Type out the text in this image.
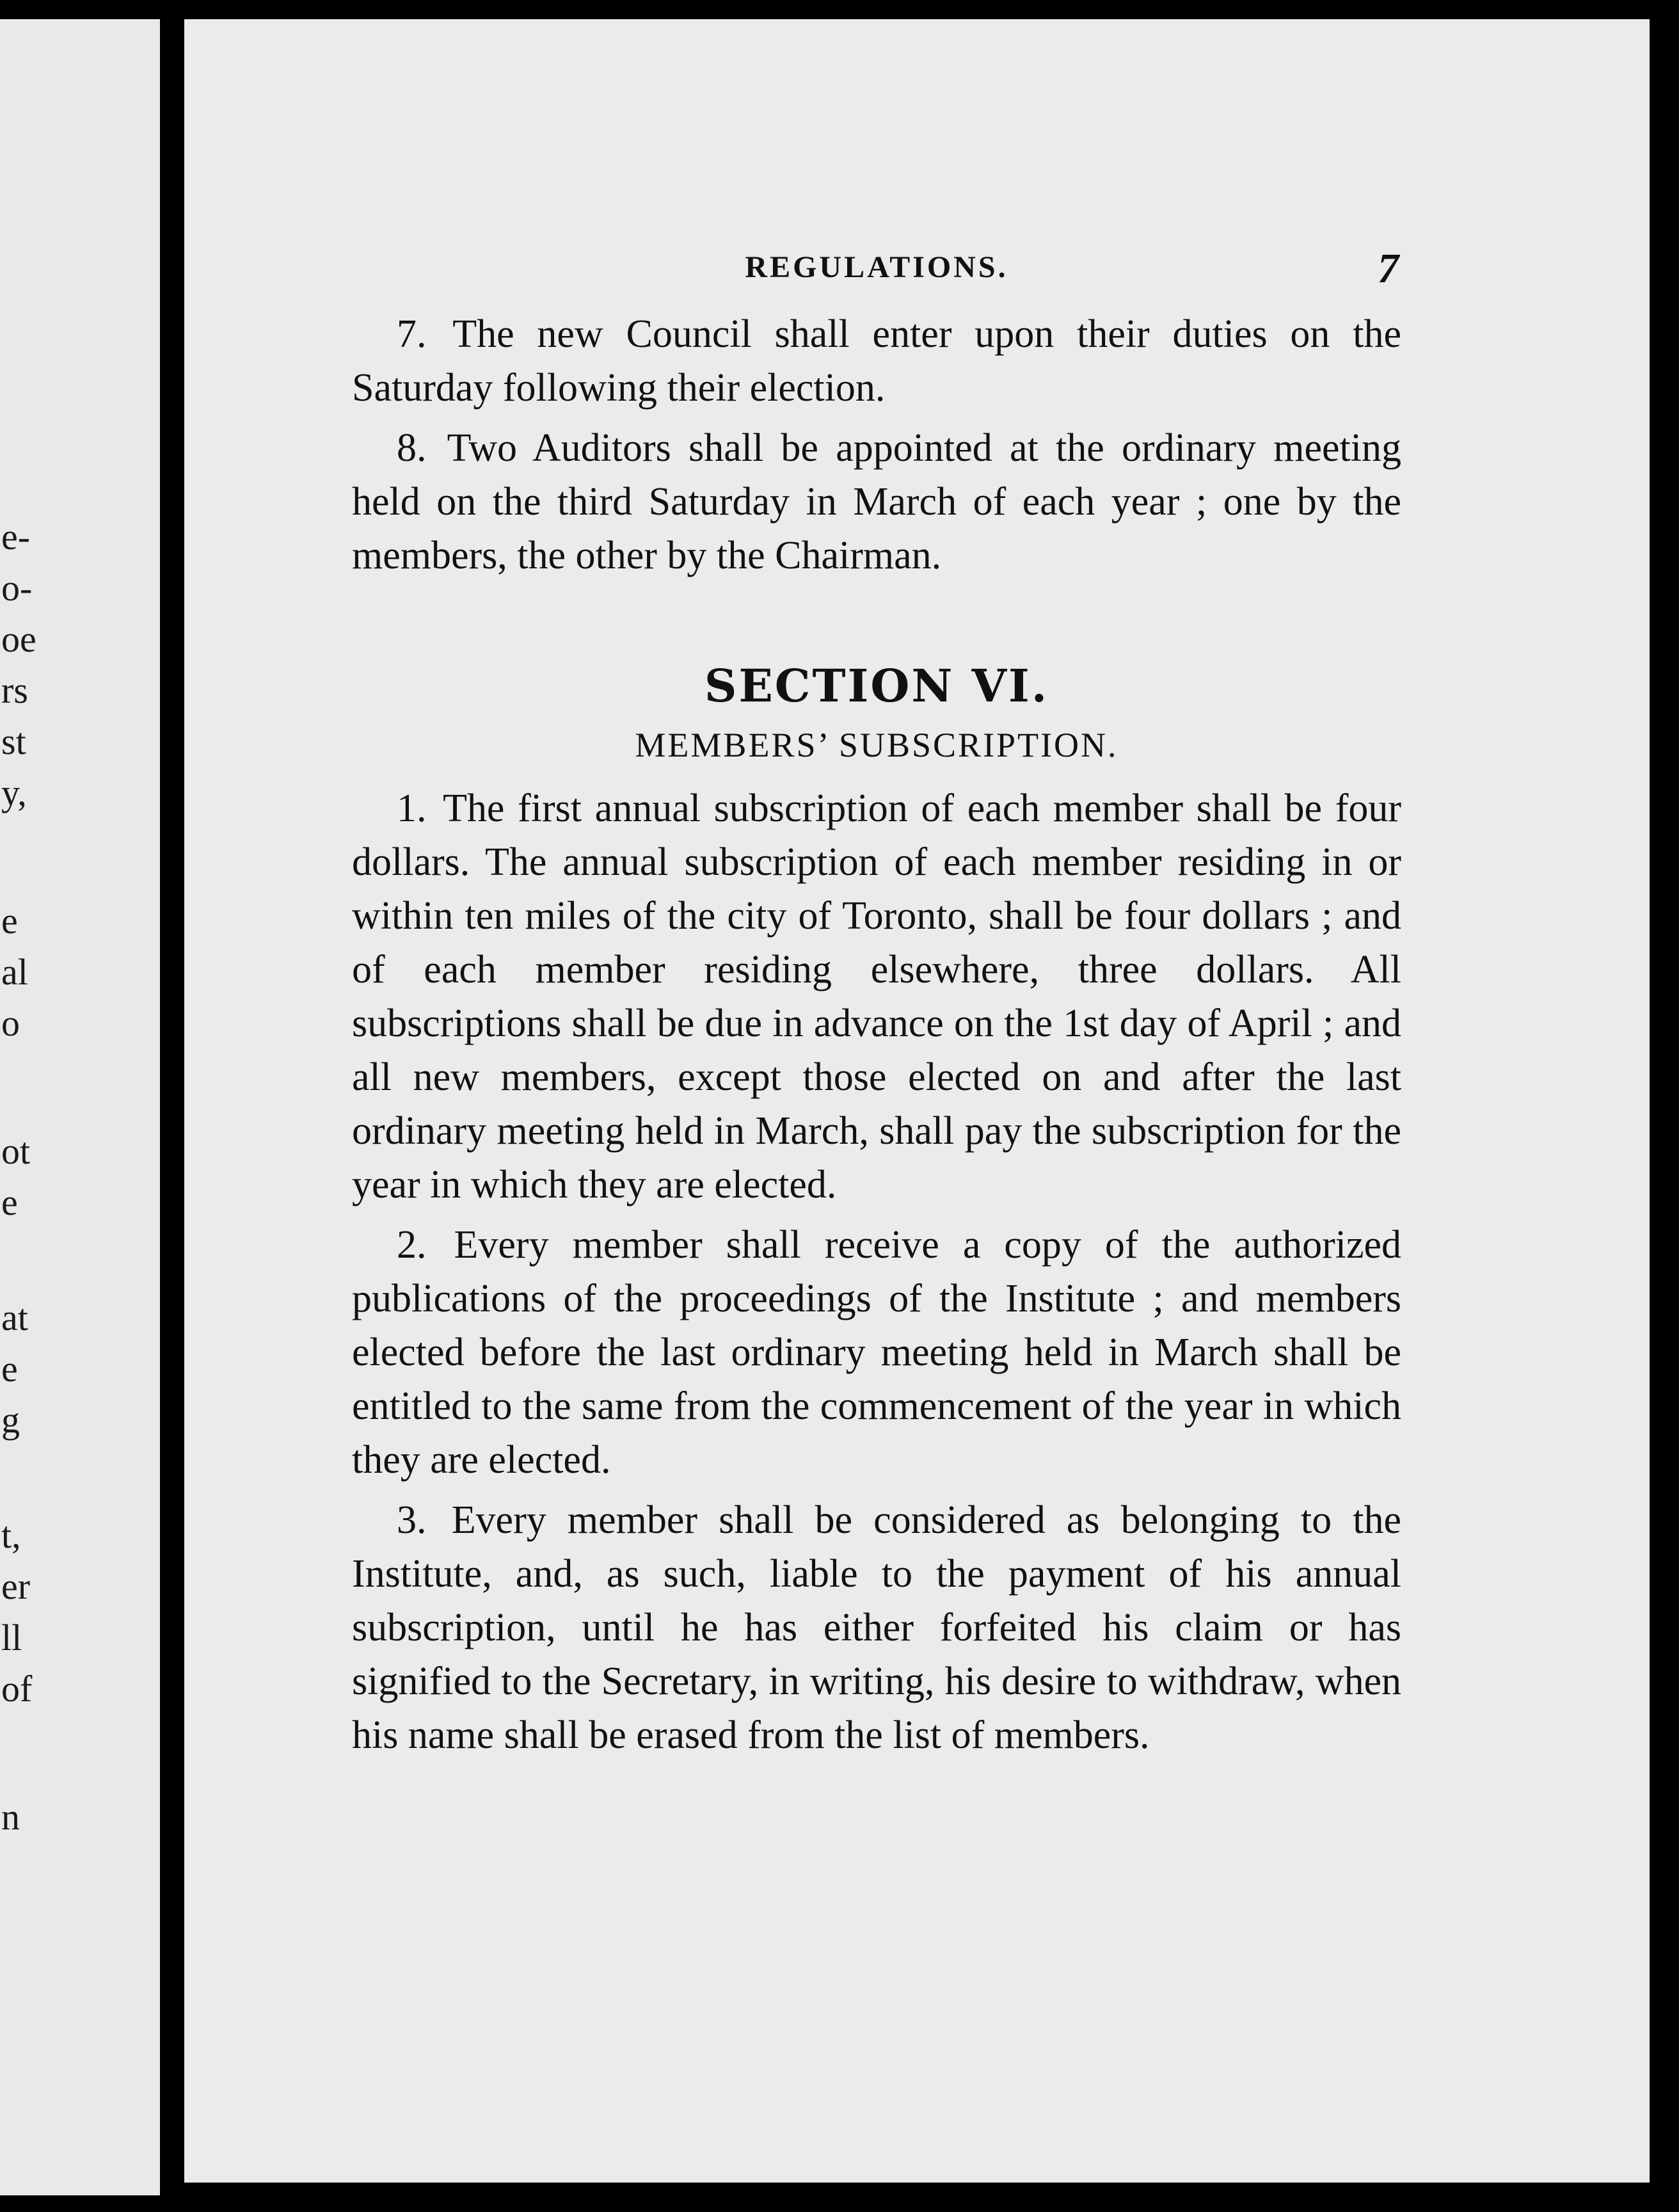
e-
o-
oe
rs
st
y,
e
al
o
ot
e
at
e
g
t,
er
ll
of
n
REGULATIONS.	7

7. The new Council shall enter upon their duties on the Saturday following their election.

8. Two Auditors shall be appointed at the ordinary meeting held on the third Saturday in March of each year ; one by the members, the other by the Chairman.

SECTION VI.
MEMBERS’ SUBSCRIPTION.

1. The first annual subscription of each member shall be four dollars. The annual subscription of each member residing in or within ten miles of the city of Toronto, shall be four dollars ; and of each member residing elsewhere, three dollars. All subscriptions shall be due in advance on the 1st day of April ; and all new members, except those elected on and after the last ordinary meeting held in March, shall pay the subscription for the year in which they are elected.

2. Every member shall receive a copy of the authorized publications of the proceedings of the Institute ; and members elected before the last ordinary meeting held in March shall be entitled to the same from the commencement of the year in which they are elected.

3. Every member shall be considered as belonging to the Institute, and, as such, liable to the payment of his annual subscription, until he has either forfeited his claim or has signified to the Secretary, in writing, his desire to withdraw, when his name shall be erased from the list of members.
